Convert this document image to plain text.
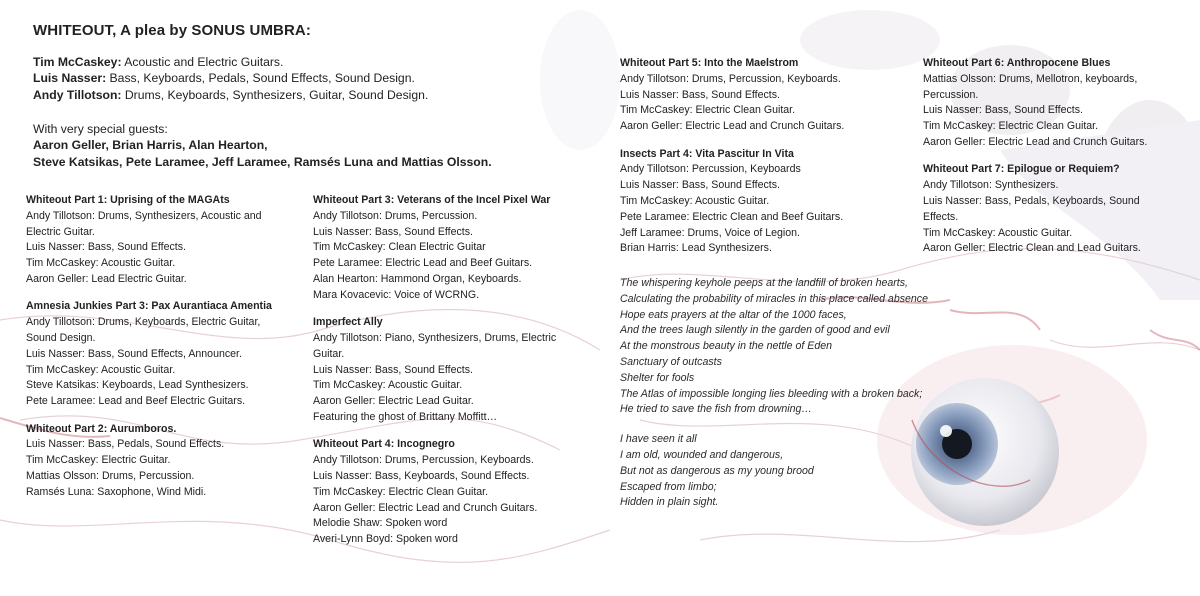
WHITEOUT, A plea by SONUS UMBRA:
Tim McCaskey: Acoustic and Electric Guitars.
Luis Nasser: Bass, Keyboards, Pedals, Sound Effects, Sound Design.
Andy Tillotson: Drums, Keyboards, Synthesizers, Guitar, Sound Design.
With very special guests:
Aaron Geller, Brian Harris, Alan Hearton,
Steve Katsikas, Pete Laramee, Jeff Laramee, Ramsés Luna and Mattias Olsson.
Whiteout Part 1: Uprising of the MAGAts
Andy Tillotson: Drums, Synthesizers, Acoustic and
Electric Guitar.
Luis Nasser: Bass, Sound Effects.
Tim McCaskey: Acoustic Guitar.
Aaron Geller: Lead Electric Guitar.
Amnesia Junkies Part 3: Pax Aurantiaca Amentia
Andy Tillotson: Drums, Keyboards, Electric Guitar,
Sound Design.
Luis Nasser: Bass, Sound Effects, Announcer.
Tim McCaskey: Acoustic Guitar.
Steve Katsikas: Keyboards, Lead Synthesizers.
Pete Laramee: Lead and Beef Electric Guitars.
Whiteout Part 2: Aurumboros.
Luis Nasser: Bass, Pedals, Sound Effects.
Tim McCaskey: Electric Guitar.
Mattias Olsson: Drums, Percussion.
Ramsés Luna: Saxophone, Wind Midi.
Whiteout Part 3: Veterans of the Incel Pixel War
Andy Tillotson: Drums, Percussion.
Luis Nasser: Bass, Sound Effects.
Tim McCaskey: Clean Electric Guitar
Pete Laramee: Electric Lead and Beef Guitars.
Alan Hearton: Hammond Organ, Keyboards.
Mara Kovacevic: Voice of WCRNG.
Imperfect Ally
Andy Tillotson: Piano, Synthesizers, Drums, Electric
Guitar.
Luis Nasser: Bass, Sound Effects.
Tim McCaskey: Acoustic Guitar.
Aaron Geller: Electric Lead Guitar.
Featuring the ghost of Brittany Moffitt…
Whiteout Part 4: Incognegro
Andy Tillotson: Drums, Percussion, Keyboards.
Luis Nasser: Bass, Keyboards, Sound Effects.
Tim McCaskey: Electric Clean Guitar.
Aaron Geller: Electric Lead and Crunch Guitars.
Melodie Shaw: Spoken word
Averi-Lynn Boyd: Spoken word
Whiteout Part 5: Into the Maelstrom
Andy Tillotson: Drums, Percussion, Keyboards.
Luis Nasser: Bass, Sound Effects.
Tim McCaskey: Electric Clean Guitar.
Aaron Geller: Electric Lead and Crunch Guitars.
Insects Part 4: Vita Pascitur In Vita
Andy Tillotson: Percussion, Keyboards
Luis Nasser: Bass, Sound Effects.
Tim McCaskey: Acoustic Guitar.
Pete Laramee: Electric Clean and Beef Guitars.
Jeff Laramee: Drums, Voice of Legion.
Brian Harris: Lead Synthesizers.
Whiteout Part 6: Anthropocene Blues
Mattias Olsson: Drums, Mellotron, keyboards,
Percussion.
Luis Nasser: Bass, Sound Effects.
Tim McCaskey: Electric Clean Guitar.
Aaron Geller: Electric Lead and Crunch Guitars.
Whiteout Part 7: Epilogue or Requiem?
Andy Tillotson: Synthesizers.
Luis Nasser: Bass, Pedals, Keyboards, Sound
Effects.
Tim McCaskey: Acoustic Guitar.
Aaron Geller: Electric Clean and Lead Guitars.
The whispering keyhole peeps at the landfill of broken hearts,
Calculating the probability of miracles in this place called absence
Hope eats prayers at the altar of the 1000 faces,
And the trees laugh silently in the garden of good and evil
At the monstrous beauty in the nettle of Eden
Sanctuary of outcasts
Shelter for fools
The Atlas of impossible longing lies bleeding with a broken back;
He tried to save the fish from drowning…
I have seen it all
I am old, wounded and dangerous,
But not as dangerous as my young brood
Escaped from limbo;
Hidden in plain sight.
